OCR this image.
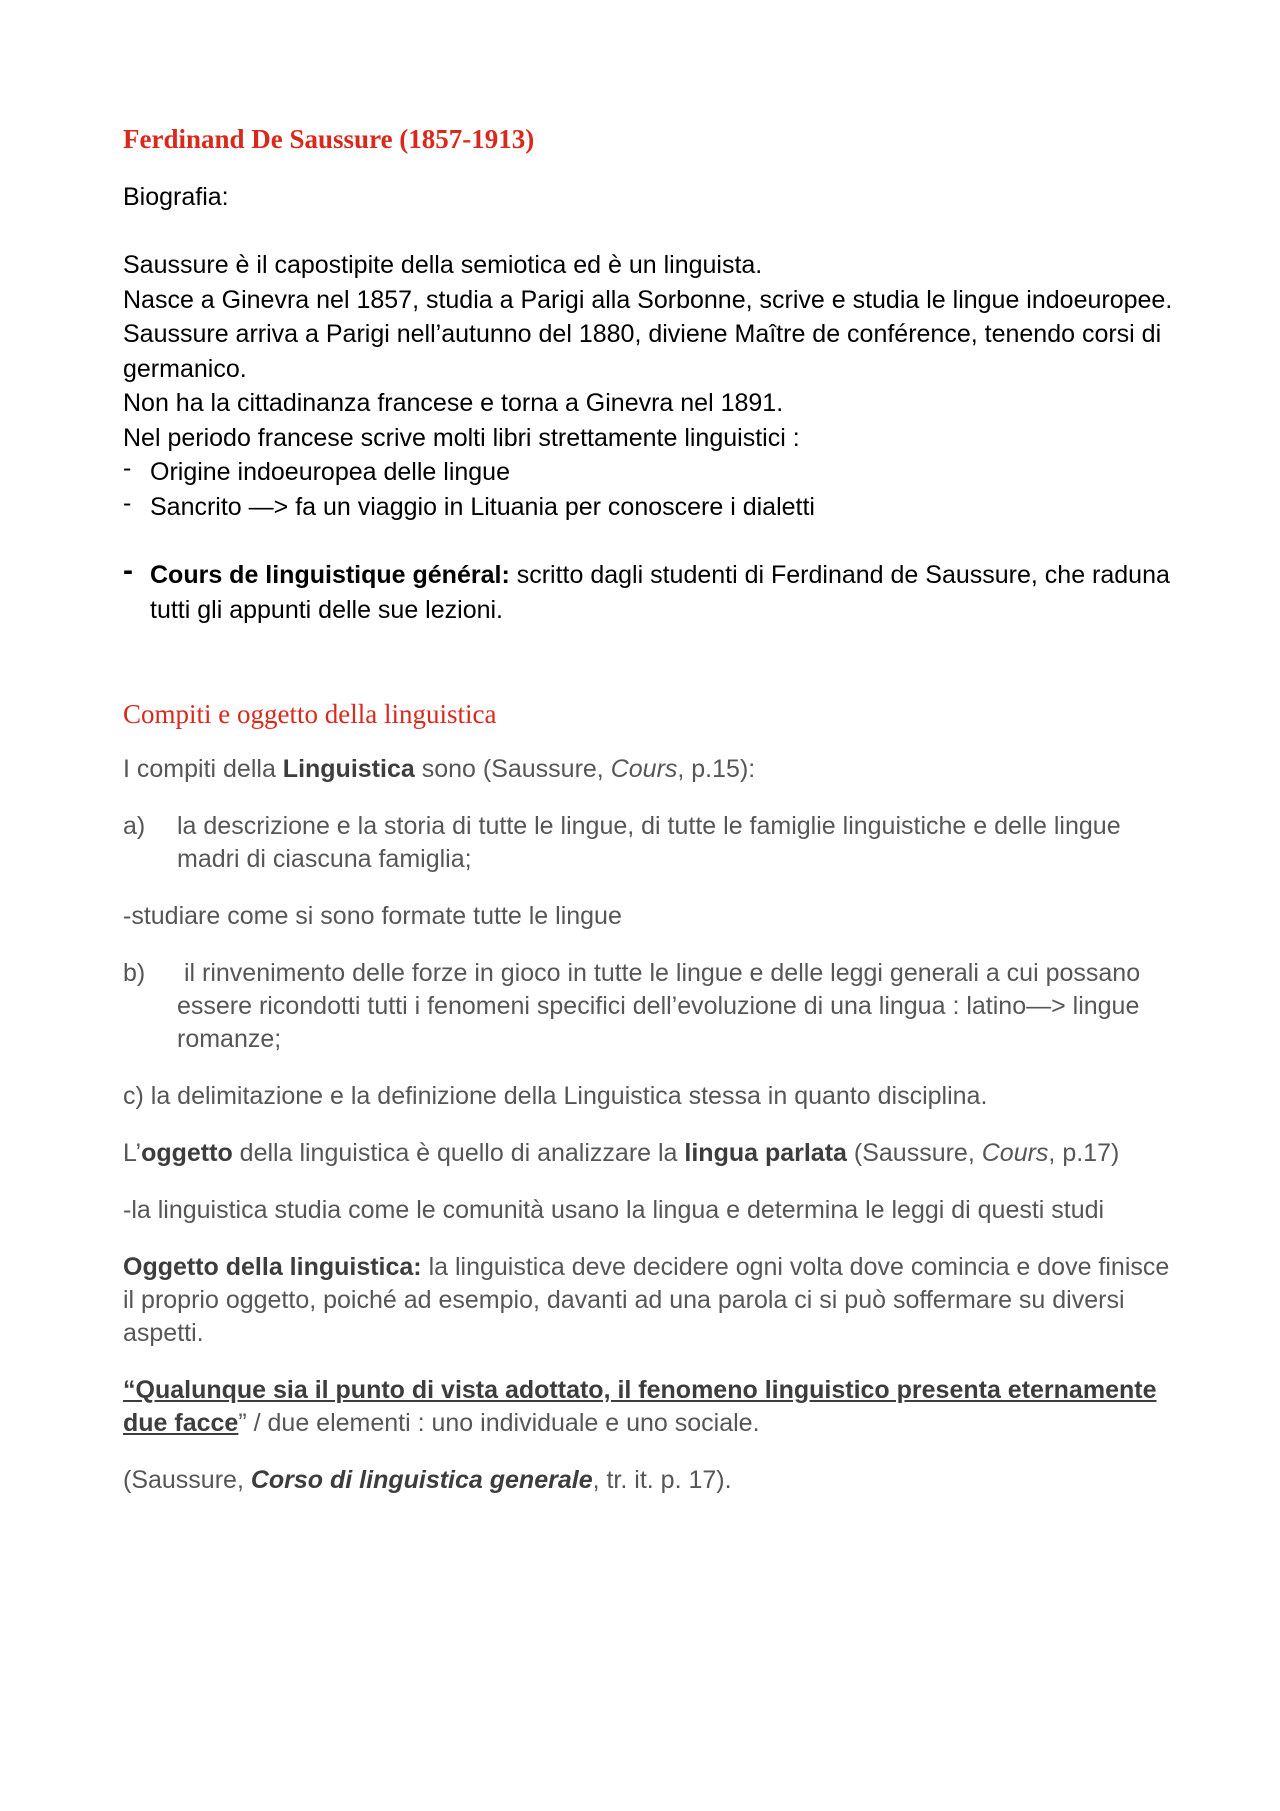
Ferdinand De Saussure (1857-1913)
Biografia:

Saussure è il capostipite della semiotica ed è un linguista.

Nasce a Ginevra nel 1857, studia a Parigi alla Sorbonne, scrive e studia le lingue indoeuropee.

Saussure arriva a Parigi nell’autunno del 1880, diviene Maître de conférence, tenendo corsi di germanico.

Non ha la cittadinanza francese e torna a Ginevra nel 1891.

Nel periodo francese scrive molti libri strettamente linguistici :

- Origine indoeuropea delle lingue
- Sancrito —> fa un viaggio in Lituania per conoscere i dialetti
- Cours de linguistique général: scritto dagli studenti di Ferdinand de Saussure, che raduna tutti gli appunti delle sue lezioni.
Compiti e oggetto della linguistica

I compiti della Linguistica sono (Saussure, Cours, p.15):

a) la descrizione e la storia di tutte le lingue, di tutte le famiglie linguistiche e delle lingue madri di ciascuna famiglia;

-studiare come si sono formate tutte le lingue

b) il rinvenimento delle forze in gioco in tutte le lingue e delle leggi generali a cui possano essere ricondotti tutti i fenomeni specifici dell’evoluzione di una lingua : latino—> lingue romanze;

c) la delimitazione e la definizione della Linguistica stessa in quanto disciplina.

L’oggetto della linguistica è quello di analizzare la lingua parlata (Saussure, Cours, p.17)

-la linguistica studia come le comunità usano la lingua e determina le leggi di questi studi

Oggetto della linguistica: la linguistica deve decidere ogni volta dove comincia e dove finisce il proprio oggetto, poiché ad esempio, davanti ad una parola ci si può soffermare su diversi aspetti.

“Qualunque sia il punto di vista adottato, il fenomeno linguistico presenta eternamente due facce” / due elementi : uno individuale e uno sociale.

(Saussure, Corso di linguistica generale, tr. it. p. 17).
